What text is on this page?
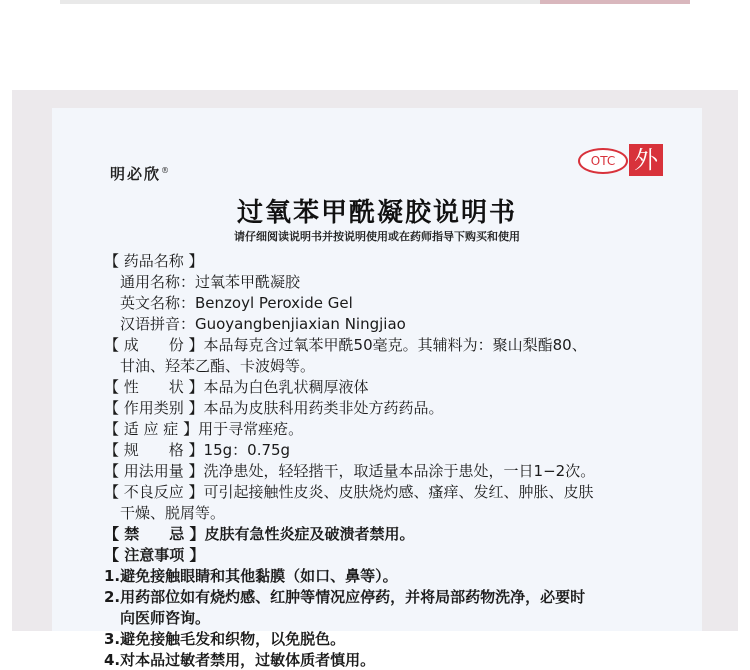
明必欣®
OTC 外
过氧苯甲酰凝胶说明书
请仔细阅读说明书并按说明使用或在药师指导下购买和使用
【 药品名称 】
通用名称：过氧苯甲酰凝胶
英文名称：Benzoyl Peroxide Gel
汉语拼音：Guoyangbenjiaxian Ningjiao
【 成　　份 】本品每克含过氧苯甲酰50毫克。其辅料为：聚山梨酯80、
甘油、羟苯乙酯、卡波姆等。
【 性　　状 】本品为白色乳状稠厚液体
【 作用类别 】本品为皮肤科用药类非处方药药品。
【 适 应 症 】用于寻常痤疮。
【 规　　格 】15g：0.75g
【 用法用量 】洗净患处，轻轻揩干，取适量本品涂于患处，一日1−2次。
【 不良反应 】可引起接触性皮炎、皮肤烧灼感、瘙痒、发红、肿胀、皮肤
干燥、脱屑等。
【 禁　　忌 】皮肤有急性炎症及破溃者禁用。
【 注意事项 】
1.避免接触眼睛和其他黏膜（如口、鼻等）。
2.用药部位如有烧灼感、红肿等情况应停药，并将局部药物洗净，必要时
向医师咨询。
3.避免接触毛发和织物，以免脱色。
4.对本品过敏者禁用，过敏体质者慎用。
